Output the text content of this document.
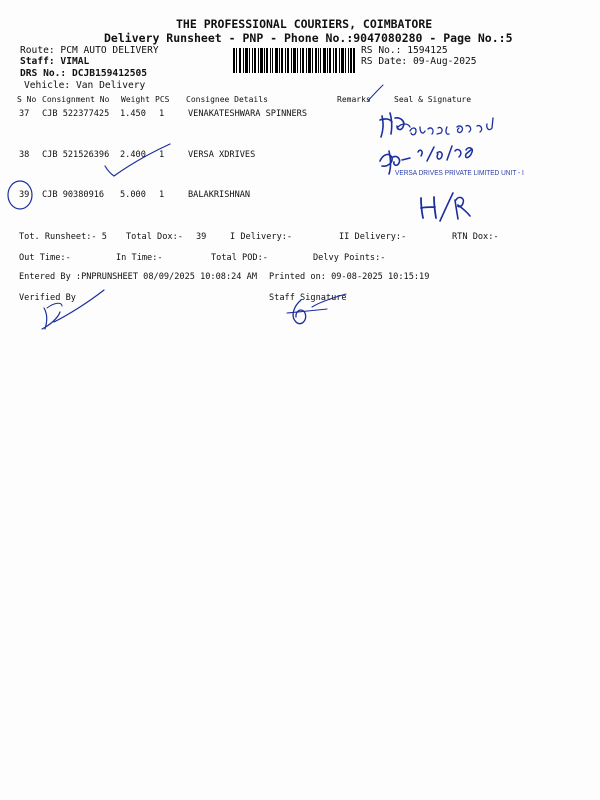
THE PROFESSIONAL COURIERS, COIMBATORE
Delivery Runsheet - PNP - Phone No.:9047080280 - Page No.:5
Route: PCM AUTO DELIVERY
Staff: VIMAL
DRS No.: DCJB159412505
Vehicle: Van Delivery
RS No.: 1594125
RS Date: 09-Aug-2025
S No Consignment No Weight PCS Consignee Details	Remarks	Seal & Signature
37 CJB 522377425 1.450 1	VENAKATESHWARA SPINNERS
38 CJB 521526396 2.400 1	VERSA XDRIVES
39 CJB 90380916 5.000 1	BALAKRISHNAN
VERSA DRIVES PRIVATE LIMITED UNIT - I
Tot. Runsheet:- 5 Total Dox:- 39	I Delivery:-	II Delivery:-	RTN Dox:-
Out Time:-	In Time:-	Total POD:-	Delvy Points:-
Entered By :PNPRUNSHEET 08/09/2025 10:08:24 AM Printed on: 09-08-2025 10:15:19
Verified By	Staff Signature
